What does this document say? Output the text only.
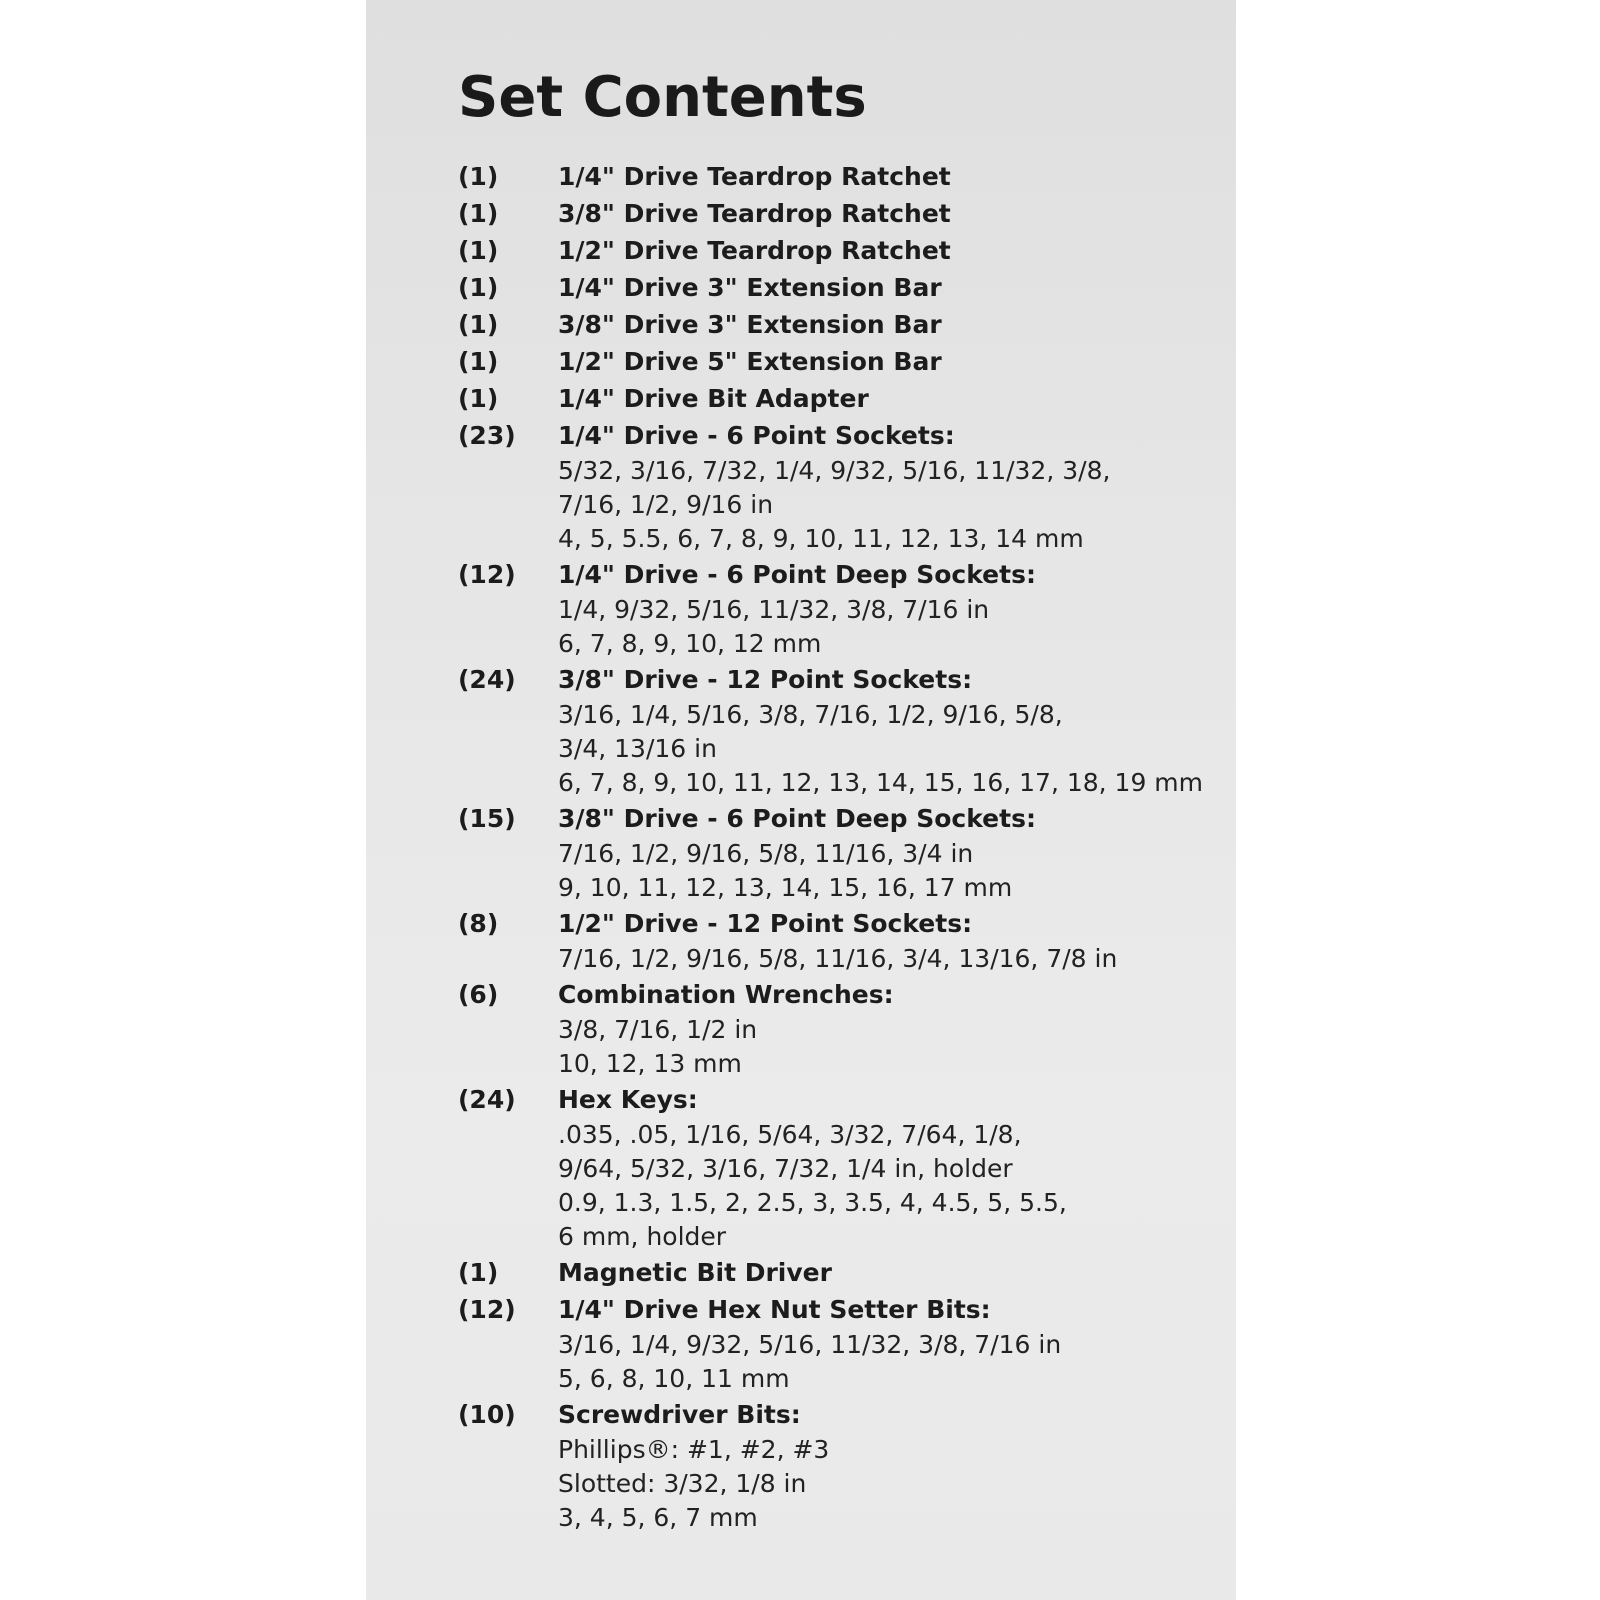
Set Contents
(1)	1/4" Drive Teardrop Ratchet
(1)	3/8" Drive Teardrop Ratchet
(1)	1/2" Drive Teardrop Ratchet
(1)	1/4" Drive 3" Extension Bar
(1)	3/8" Drive 3" Extension Bar
(1)	1/2" Drive 5" Extension Bar
(1)	1/4" Drive Bit Adapter
(23)	1/4" Drive - 6 Point Sockets:
5/32, 3/16, 7/32, 1/4, 9/32, 5/16, 11/32, 3/8,
7/16, 1/2, 9/16 in
4, 5, 5.5, 6, 7, 8, 9, 10, 11, 12, 13, 14 mm
(12)	1/4" Drive - 6 Point Deep Sockets:
1/4, 9/32, 5/16, 11/32, 3/8, 7/16 in
6, 7, 8, 9, 10, 12 mm
(24)	3/8" Drive - 12 Point Sockets:
3/16, 1/4, 5/16, 3/8, 7/16, 1/2, 9/16, 5/8,
3/4, 13/16 in
6, 7, 8, 9, 10, 11, 12, 13, 14, 15, 16, 17, 18, 19 mm
(15)	3/8" Drive - 6 Point Deep Sockets:
7/16, 1/2, 9/16, 5/8, 11/16, 3/4 in
9, 10, 11, 12, 13, 14, 15, 16, 17 mm
(8)	1/2" Drive - 12 Point Sockets:
7/16, 1/2, 9/16, 5/8, 11/16, 3/4, 13/16, 7/8 in
(6)	Combination Wrenches:
3/8, 7/16, 1/2 in
10, 12, 13 mm
(24)	Hex Keys:
.035, .05, 1/16, 5/64, 3/32, 7/64, 1/8,
9/64, 5/32, 3/16, 7/32, 1/4 in, holder
0.9, 1.3, 1.5, 2, 2.5, 3, 3.5, 4, 4.5, 5, 5.5,
6 mm, holder
(1)	Magnetic Bit Driver
(12)	1/4" Drive Hex Nut Setter Bits:
3/16, 1/4, 9/32, 5/16, 11/32, 3/8, 7/16 in
5, 6, 8, 10, 11 mm
(10)	Screwdriver Bits:
Phillips®: #1, #2, #3
Slotted: 3/32, 1/8 in
3, 4, 5, 6, 7 mm
